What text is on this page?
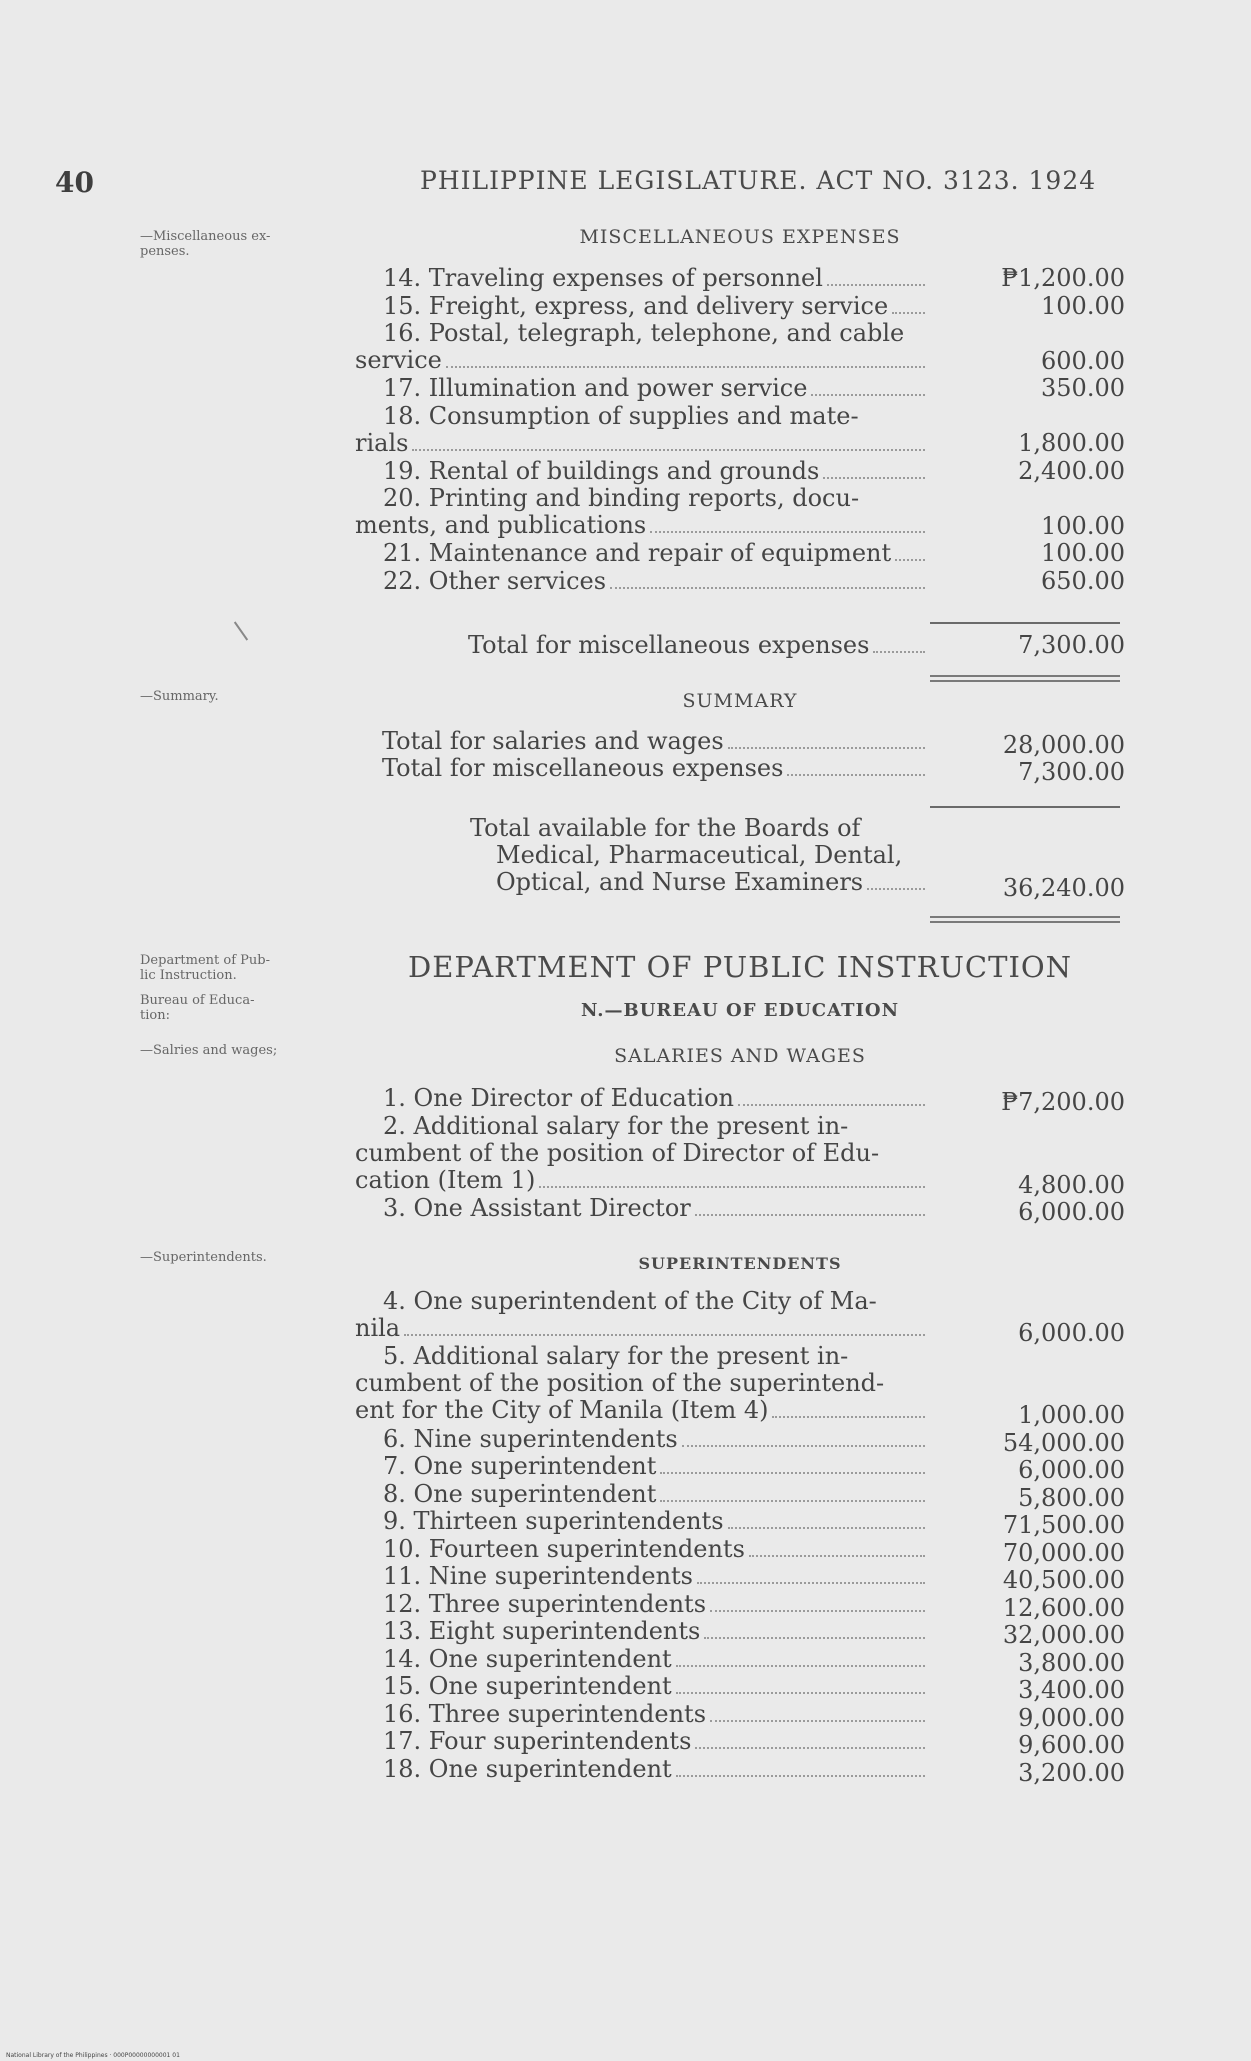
40	PHILIPPINE LEGISLATURE. ACT NO. 3123. 1924
—Miscellaneous ex-
penses.
MISCELLANEOUS EXPENSES
Total for miscellaneous expenses	7,300.00
—Summary.	SUMMARY
Total available for the Boards of
Medical, Pharmaceutical, Dental,
Optical, and Nurse Examiners	36,240.00
Department of Pub-
lic Instruction.	DEPARTMENT OF PUBLIC INSTRUCTION
Bureau of Educa-
tion:	N.—BUREAU OF EDUCATION
—Salries and wages;	SALARIES AND WAGES
—Superintendents.	SUPERINTENDENTS
National Library of the Philippines · 000P00000000001 01
14. Traveling expenses of personnel	₱1,200.00
15. Freight, express, and delivery service	100.00
16. Postal, telegraph, telephone, and cable
service	600.00
17. Illumination and power service	350.00
18. Consumption of supplies and mate-
rials	1,800.00
19. Rental of buildings and grounds	2,400.00
20. Printing and binding reports, docu-
ments, and publications	100.00
21. Maintenance and repair of equipment	100.00
22. Other services	650.00
1. One Director of Education	₱7,200.00
2. Additional salary for the present in-
cumbent of the position of Director of Edu-
cation (Item 1)	4,800.00
3. One Assistant Director	6,000.00
4. One superintendent of the City of Ma-
nila	6,000.00
5. Additional salary for the present in-
cumbent of the position of the superintend-
ent for the City of Manila (Item 4)	1,000.00
6. Nine superintendents	54,000.00
7. One superintendent	6,000.00
8. One superintendent	5,800.00
9. Thirteen superintendents	71,500.00
10. Fourteen superintendents	70,000.00
11. Nine superintendents	40,500.00
12. Three superintendents	12,600.00
13. Eight superintendents	32,000.00
14. One superintendent	3,800.00
15. One superintendent	3,400.00
16. Three superintendents	9,000.00
17. Four superintendents	9,600.00
18. One superintendent	3,200.00
Total for salaries and wages	28,000.00
Total for miscellaneous expenses	7,300.00
